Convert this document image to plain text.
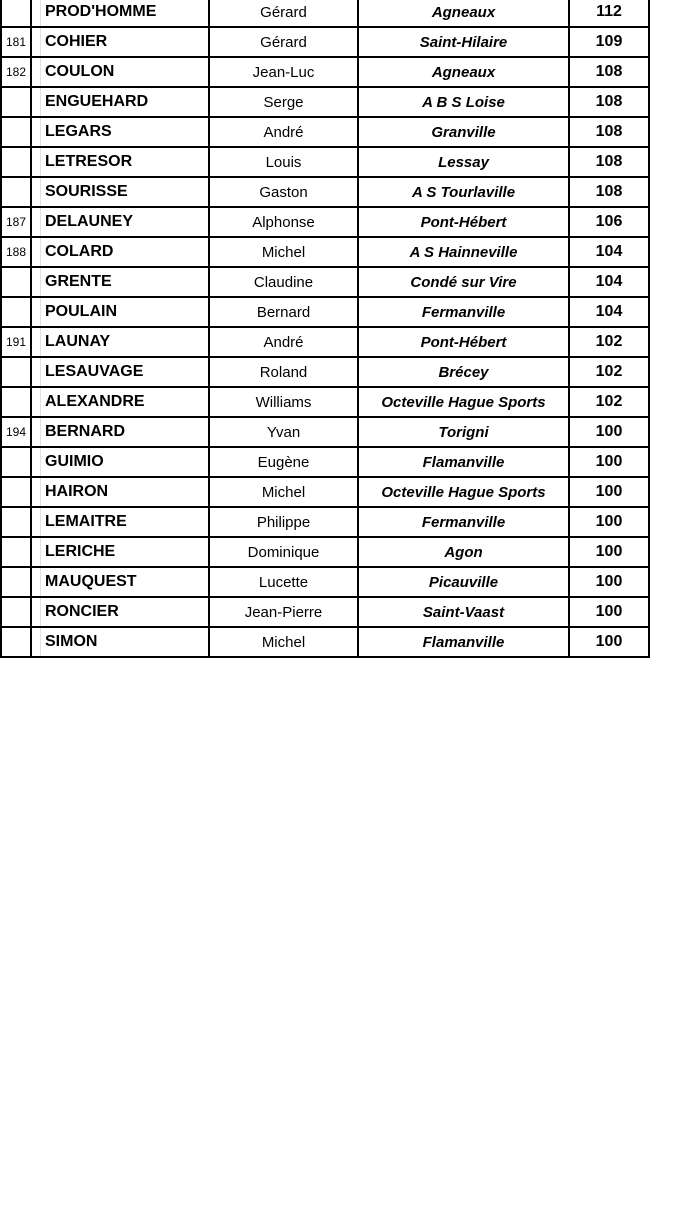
PROD'HOMME	Gérard	Agneaux	112
181 COHIER	Gérard	Saint-Hilaire	109
182 COULON	Jean-Luc	Agneaux	108
ENGUEHARD	Serge	A B S Loise	108
LEGARS	André	Granville	108
LETRESOR	Louis	Lessay	108
SOURISSE	Gaston	A S Tourlaville	108
187 DELAUNEY	Alphonse	Pont-Hébert	106
188 COLARD	Michel	A S Hainneville	104
GRENTE	Claudine	Condé sur Vire	104
POULAIN	Bernard	Fermanville	104
191 LAUNAY	André	Pont-Hébert	102
LESAUVAGE	Roland	Brécey	102
ALEXANDRE	Williams	Octeville Hague Sports	102
194 BERNARD	Yvan	Torigni	100
GUIMIO	Eugène	Flamanville	100
HAIRON	Michel	Octeville Hague Sports	100
LEMAITRE	Philippe	Fermanville	100
LERICHE	Dominique	Agon	100
MAUQUEST	Lucette	Picauville	100
RONCIER	Jean-Pierre	Saint-Vaast	100
SIMON	Michel	Flamanville	100
